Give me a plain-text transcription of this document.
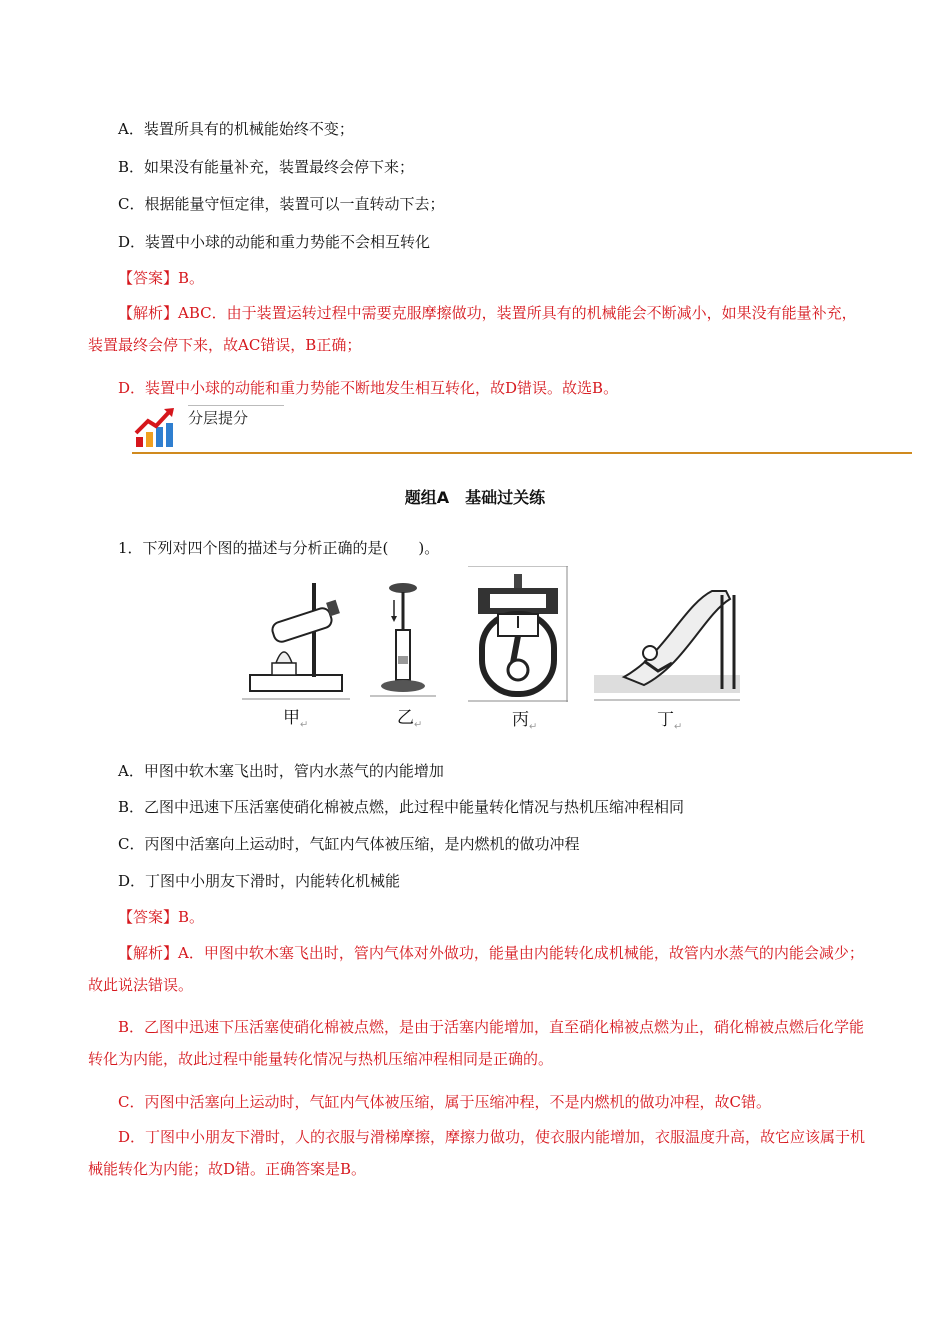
A．装置所具有的机械能始终不变；
B．如果没有能量补充，装置最终会停下来；
C．根据能量守恒定律，装置可以一直转动下去；
D．装置中小球的动能和重力势能不会相互转化
【答案】B。
【解析】ABC．由于装置运转过程中需要克服摩擦做功，装置所具有的机械能会不断减小，如果没有能量补充，装置最终会停下来，故AC错误，B正确；
D．装置中小球的动能和重力势能不断地发生相互转化，故D错误。故选B。
分层提分
题组A　基础过关练
1．下列对四个图的描述与分析正确的是(　　)。
甲$_↵$	乙$_↵$	丙$_↵$	丁$_↵$
A．甲图中软木塞飞出时，管内水蒸气的内能增加
B．乙图中迅速下压活塞使硝化棉被点燃，此过程中能量转化情况与热机压缩冲程相同
C．丙图中活塞向上运动时，气缸内气体被压缩，是内燃机的做功冲程
D．丁图中小朋友下滑时，内能转化机械能
【答案】B。
【解析】A．甲图中软木塞飞出时，管内气体对外做功，能量由内能转化成机械能，故管内水蒸气的内能会减少；故此说法错误。
B．乙图中迅速下压活塞使硝化棉被点燃，是由于活塞内能增加，直至硝化棉被点燃为止，硝化棉被点燃后化学能转化为内能，故此过程中能量转化情况与热机压缩冲程相同是正确的。
C．丙图中活塞向上运动时，气缸内气体被压缩，属于压缩冲程，不是内燃机的做功冲程，故C错。
D．丁图中小朋友下滑时，人的衣服与滑梯摩擦，摩擦力做功，使衣服内能增加，衣服温度升高，故它应该属于机械能转化为内能；故D错。正确答案是B。
